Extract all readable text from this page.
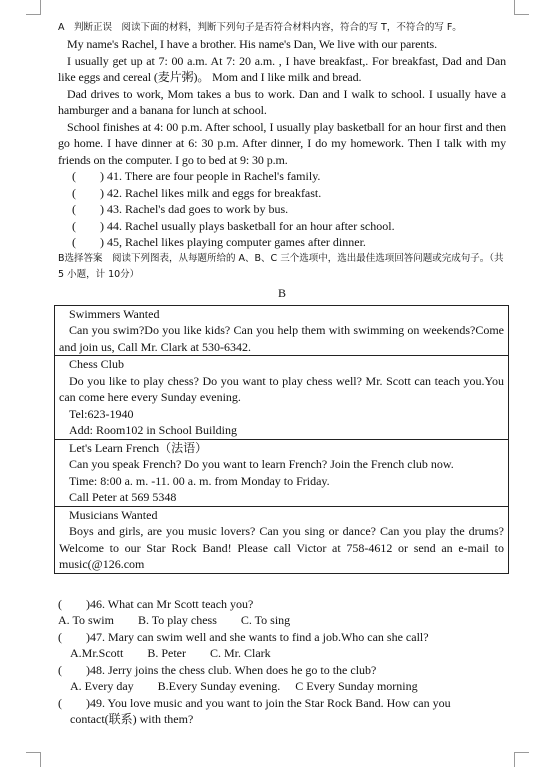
A　判断正误　阅读下面的材料，判断下列句子是否符合材料内容，符合的写 T，不符合的写 F。

My name's Rachel, I have a brother. His name's Dan, We live with our parents.

I usually get up at 7: 00 a.m. At 7: 20 a.m. , I have breakfast,. For breakfast, Dad and Dan like eggs and cereal (麦片粥)。 Mom and I like milk and bread.

Dad drives to work, Mom takes a bus to work. Dan and I walk to school. I usually have a hamburger and a banana for lunch at school.

School finishes at 4: 00 p.m. After school, I usually play basketball for an hour first and then go home. I have dinner at 6: 30 p.m. After dinner, I do my homework. Then I talk with my friends on the computer. I go to bed at 9: 30 p.m.

(　　) 41. There are four people in Rachel's family.

(　　) 42. Rachel likes milk and eggs for breakfast.

(　　) 43. Rachel's dad goes to work by bus.

(　　) 44. Rachel usually plays basketball for an hour after school.

(　　) 45, Rachel likes playing computer games after dinner.

B选择答案　阅读下列图表，从每题所给的 A、B、C 三个选项中，选出最佳选项回答问题或完成句子。（共 5 小题，计 10分）

B

Swimmers Wanted

Can you swim?Do you like kids? Can you help them with swimming on weekends?Come and join us, Call Mr. Clark at 530-6342.

Chess Club

Do you like to play chess? Do you want to play chess well? Mr. Scott can teach you.You can come here every Sunday evening.

Tel:623-1940

Add: Room102 in School Building

Let's Learn French（法语）

Can you speak French? Do you want to learn French? Join the French club now.

Time: 8:00 a. m. -11. 00 a. m. from Monday to Friday.

Call Peter at 569 5348

Musicians Wanted

Boys and girls, are you music lovers? Can you sing or dance? Can you play the drums? Welcome to our Star Rock Band! Please call Victor at 758-4612 or send an e-mail to music(@126.com

(　　)46. What can Mr Scott teach you?

A. To swim　　B. To play chess　　C. To sing

(　　)47. Mary can swim well and she wants to find a job.Who can she call?

A.Mr.Scott　　B. Peter　　C. Mr. Clark

(　　)48. Jerry joins the chess club. When does he go to the club?

A. Every day　　B.Every Sunday evening.　 C Every Sunday morning

(　　)49. You love music and you want to join the Star Rock Band. How can you

contact(联系) with them?
